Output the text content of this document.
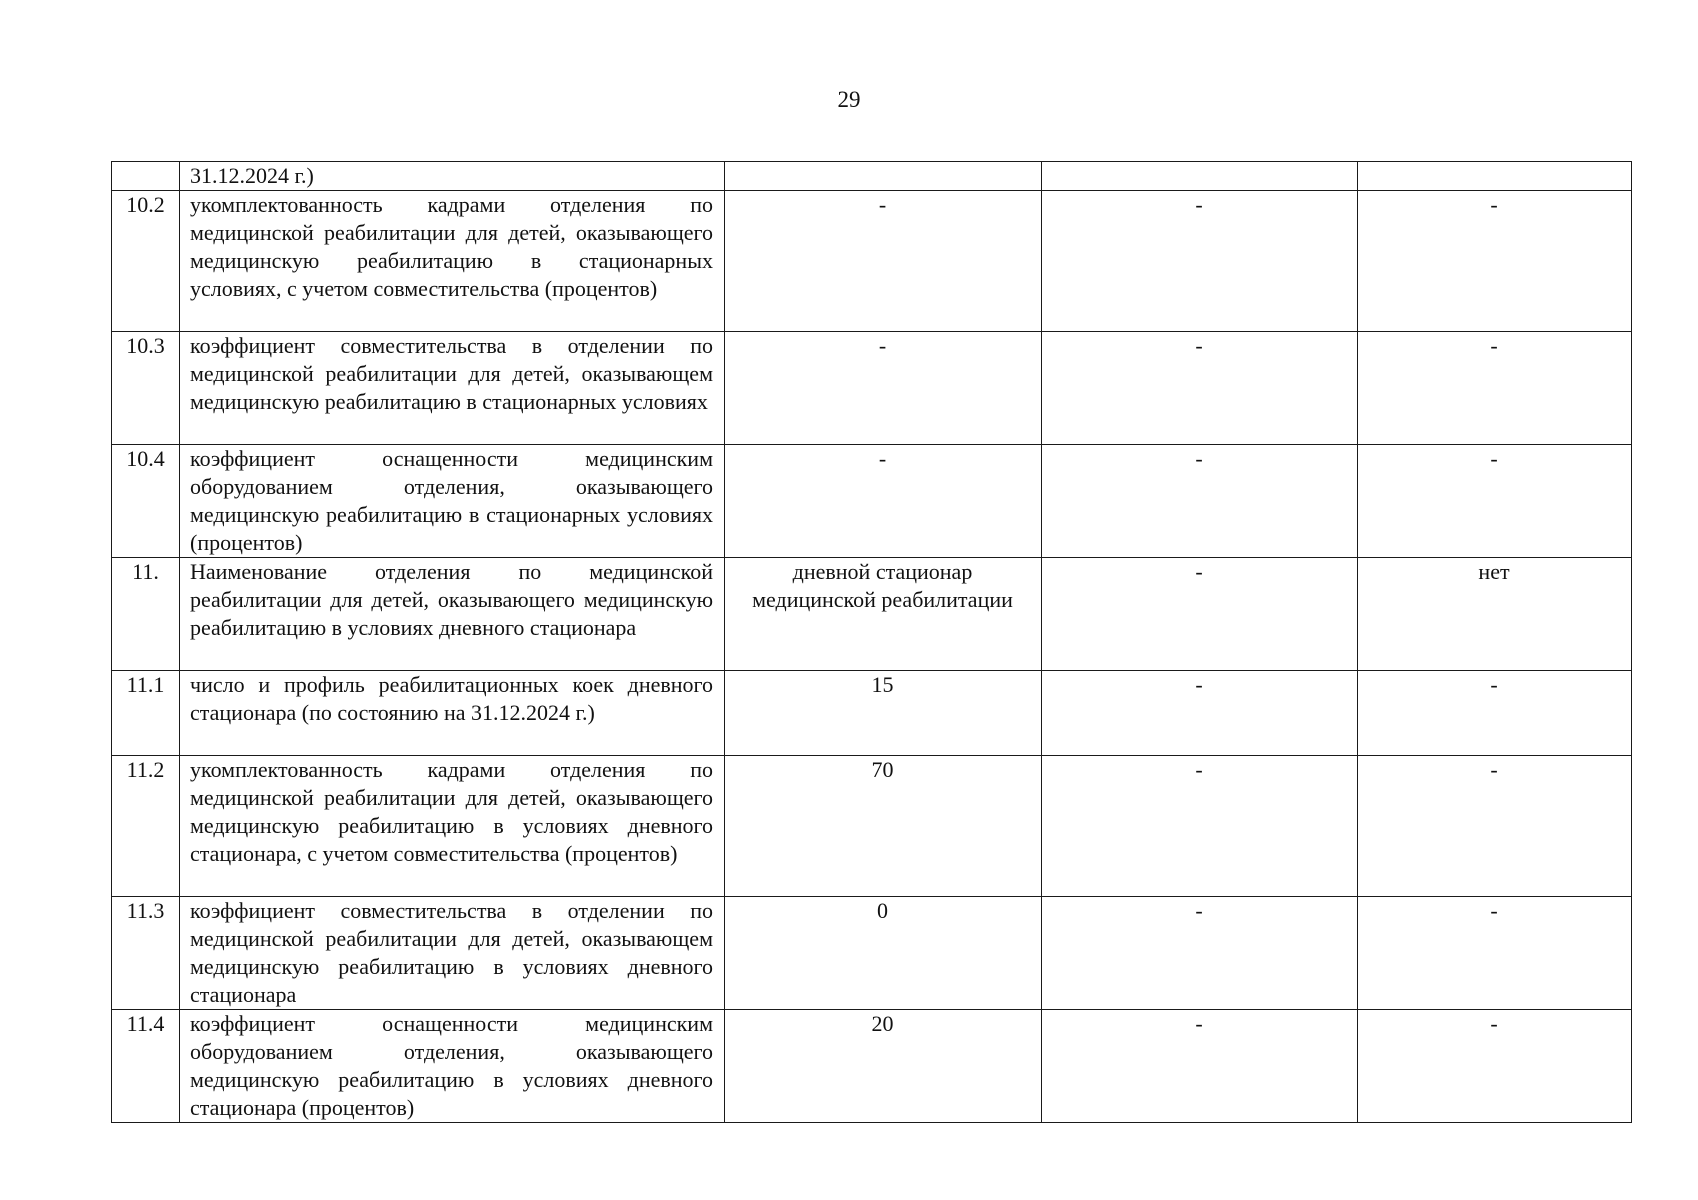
29
	31.12.2024 г.)			
10.2	укомплектованность кадрами отделения по медицинской реабилитации для детей, оказывающего медицинскую реабилитацию в стационарных условиях, с учетом совместительства (процентов)	-	-	-
10.3	коэффициент совместительства в отделении по медицинской реабилитации для детей, оказывающем медицинскую реабилитацию в стационарных условиях	-	-	-
10.4	коэффициент оснащенности медицинским оборудованием отделения, оказывающего медицинскую реабилитацию в стационарных условиях (процентов)	-	-	-
11.	Наименование отделения по медицинской реабилитации для детей, оказывающего медицинскую реабилитацию в условиях дневного стационара	дневной стационар медицинской реабилитации	-	нет
11.1	число и профиль реабилитационных коек дневного стационара (по состоянию на 31.12.2024 г.)	15	-	-
11.2	укомплектованность кадрами отделения по медицинской реабилитации для детей, оказывающего медицинскую реабилитацию в условиях дневного стационара, с учетом совместительства (процентов)	70	-	-
11.3	коэффициент совместительства в отделении по медицинской реабилитации для детей, оказывающем медицинскую реабилитацию в условиях дневного стационара	0	-	-
11.4	коэффициент оснащенности медицинским оборудованием отделения, оказывающего медицинскую реабилитацию в условиях дневного стационара (процентов)	20	-	-
